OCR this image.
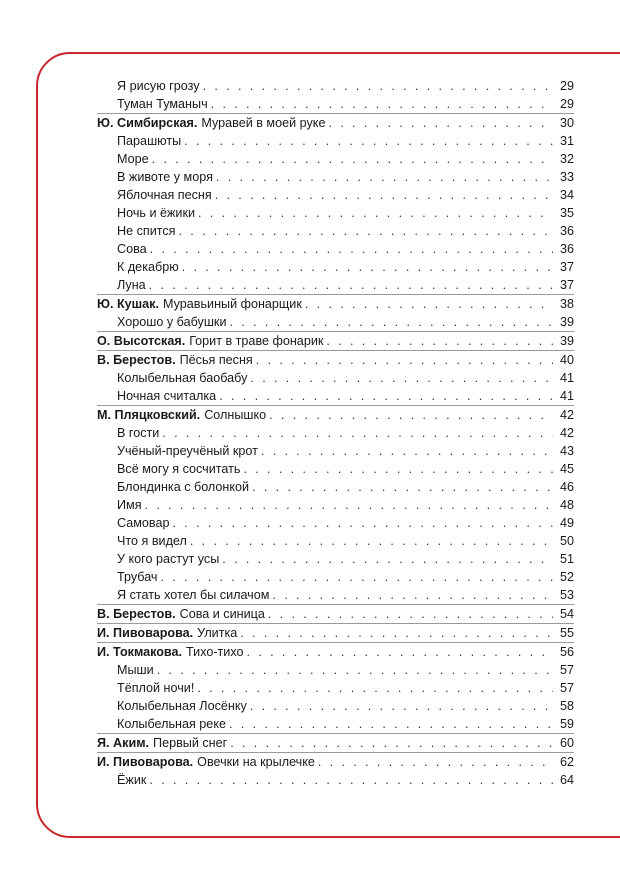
Я рисую грозу . . .	29
Туман Туманыч . . .	29
Ю. Симбирская. Муравей в моей руке . . .	30
Парашюты . . .	31
Море . . .	32
В животе у моря . . .	33
Яблочная песня . . .	34
Ночь и ёжики . . .	35
Не спится . . .	36
Сова . . .	36
К декабрю . . .	37
Луна . . .	37
Ю. Кушак. Муравьиный фонарщик . . .	38
Хорошо у бабушки . . .	39
О. Высотская. Горит в траве фонарик . . .	39
В. Берестов. Пёсья песня . . .	40
Колыбельная баобабу . . .	41
Ночная считалка . . .	41
М. Пляцковский. Солнышко . . .	42
В гости . . .	42
Учёный-преучёный крот . . .	43
Всё могу я сосчитать . . .	45
Блондинка с болонкой . . .	46
Имя . . .	48
Самовар . . .	49
Что я видел . . .	50
У кого растут усы . . .	51
Трубач . . .	52
Я стать хотел бы силачом . . .	53
В. Берестов. Сова и синица . . .	54
И. Пивоварова. Улитка . . .	55
И. Токмакова. Тихо-тихо . . .	56
Мыши . . .	57
Тёплой ночи! . . .	57
Колыбельная Лосёнку . . .	58
Колыбельная реке . . .	59
Я. Аким. Первый снег . . .	60
И. Пивоварова. Овечки на крылечке . . .	62
Ёжик . . .	64
